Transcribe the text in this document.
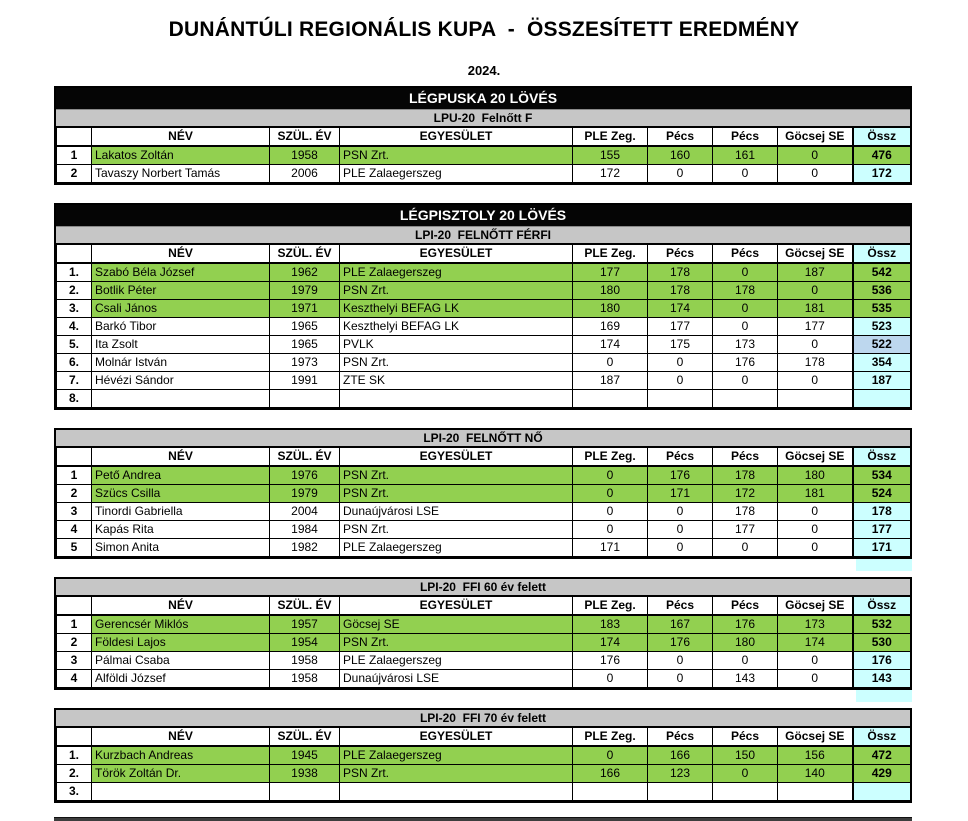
DUNÁNTÚLI REGIONÁLIS KUPA  -  ÖSSZESÍTETT EREDMÉNY
2024.
LÉGPUSKA 20 LÖVÉS
LPU-20  Felnőtt F
	NÉV	SZÜL. ÉV	EGYESÜLET	PLE Zeg.	Pécs	Pécs	Göcsej SE	Össz
1	Lakatos Zoltán	1958	PSN Zrt.	155	160	161	0	476
2	Tavaszy Norbert Tamás	2006	PLE Zalaegerszeg	172	0	0	0	172
LÉGPISZTOLY 20 LÖVÉS
LPI-20  FELNŐTT FÉRFI
	NÉV	SZÜL. ÉV	EGYESÜLET	PLE Zeg.	Pécs	Pécs	Göcsej SE	Össz
1.	Szabó Béla József	1962	PLE Zalaegerszeg	177	178	0	187	542
2.	Botlik Péter	1979	PSN Zrt.	180	178	178	0	536
3.	Csali János	1971	Keszthelyi BEFAG LK	180	174	0	181	535
4.	Barkó Tibor	1965	Keszthelyi BEFAG LK	169	177	0	177	523
5.	Ita Zsolt	1965	PVLK	174	175	173	0	522
6.	Molnár István	1973	PSN Zrt.	0	0	176	178	354
7.	Hévézi Sándor	1991	ZTE SK	187	0	0	0	187
8.								
LPI-20  FELNŐTT NŐ
	NÉV	SZÜL. ÉV	EGYESÜLET	PLE Zeg.	Pécs	Pécs	Göcsej SE	Össz
1	Pető Andrea	1976	PSN Zrt.	0	176	178	180	534
2	Szücs Csilla	1979	PSN Zrt.	0	171	172	181	524
3	Tinordi Gabriella	2004	Dunaújvárosi LSE	0	0	178	0	178
4	Kapás Rita	1984	PSN Zrt.	0	0	177	0	177
5	Simon Anita	1982	PLE Zalaegerszeg	171	0	0	0	171
LPI-20  FFI 60 év felett
	NÉV	SZÜL. ÉV	EGYESÜLET	PLE Zeg.	Pécs	Pécs	Göcsej SE	Össz
1	Gerencsér Miklós	1957	Göcsej SE	183	167	176	173	532
2	Földesi Lajos	1954	PSN Zrt.	174	176	180	174	530
3	Pálmai Csaba	1958	PLE Zalaegerszeg	176	0	0	0	176
4	Alföldi József	1958	Dunaújvárosi LSE	0	0	143	0	143
LPI-20  FFI 70 év felett
	NÉV	SZÜL. ÉV	EGYESÜLET	PLE Zeg.	Pécs	Pécs	Göcsej SE	Össz
1.	Kurzbach Andreas	1945	PLE Zalaegerszeg	0	166	150	156	472
2.	Török Zoltán Dr.	1938	PSN Zrt.	166	123	0	140	429
3.								
